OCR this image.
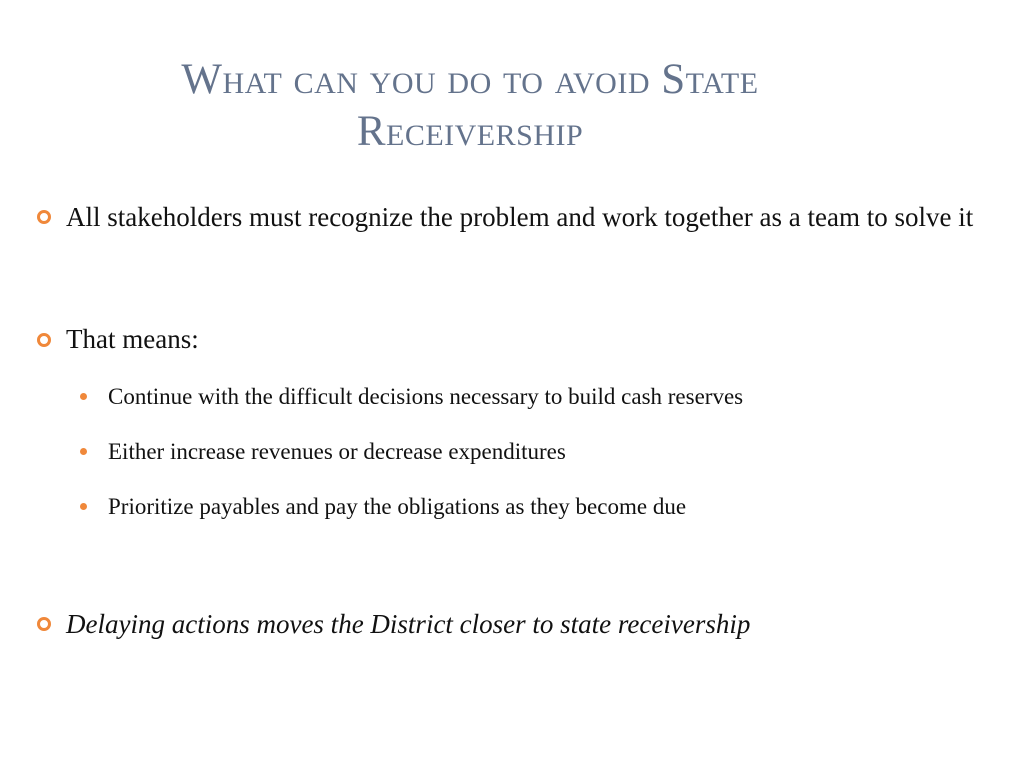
What can you do to avoid State
Receivership
All stakeholders must recognize the problem and work together as a team to solve it
That means:
Continue with the difficult decisions necessary to build cash reserves
Either increase revenues or decrease expenditures
Prioritize payables and pay the obligations as they become due
Delaying actions moves the District closer to state receivership
